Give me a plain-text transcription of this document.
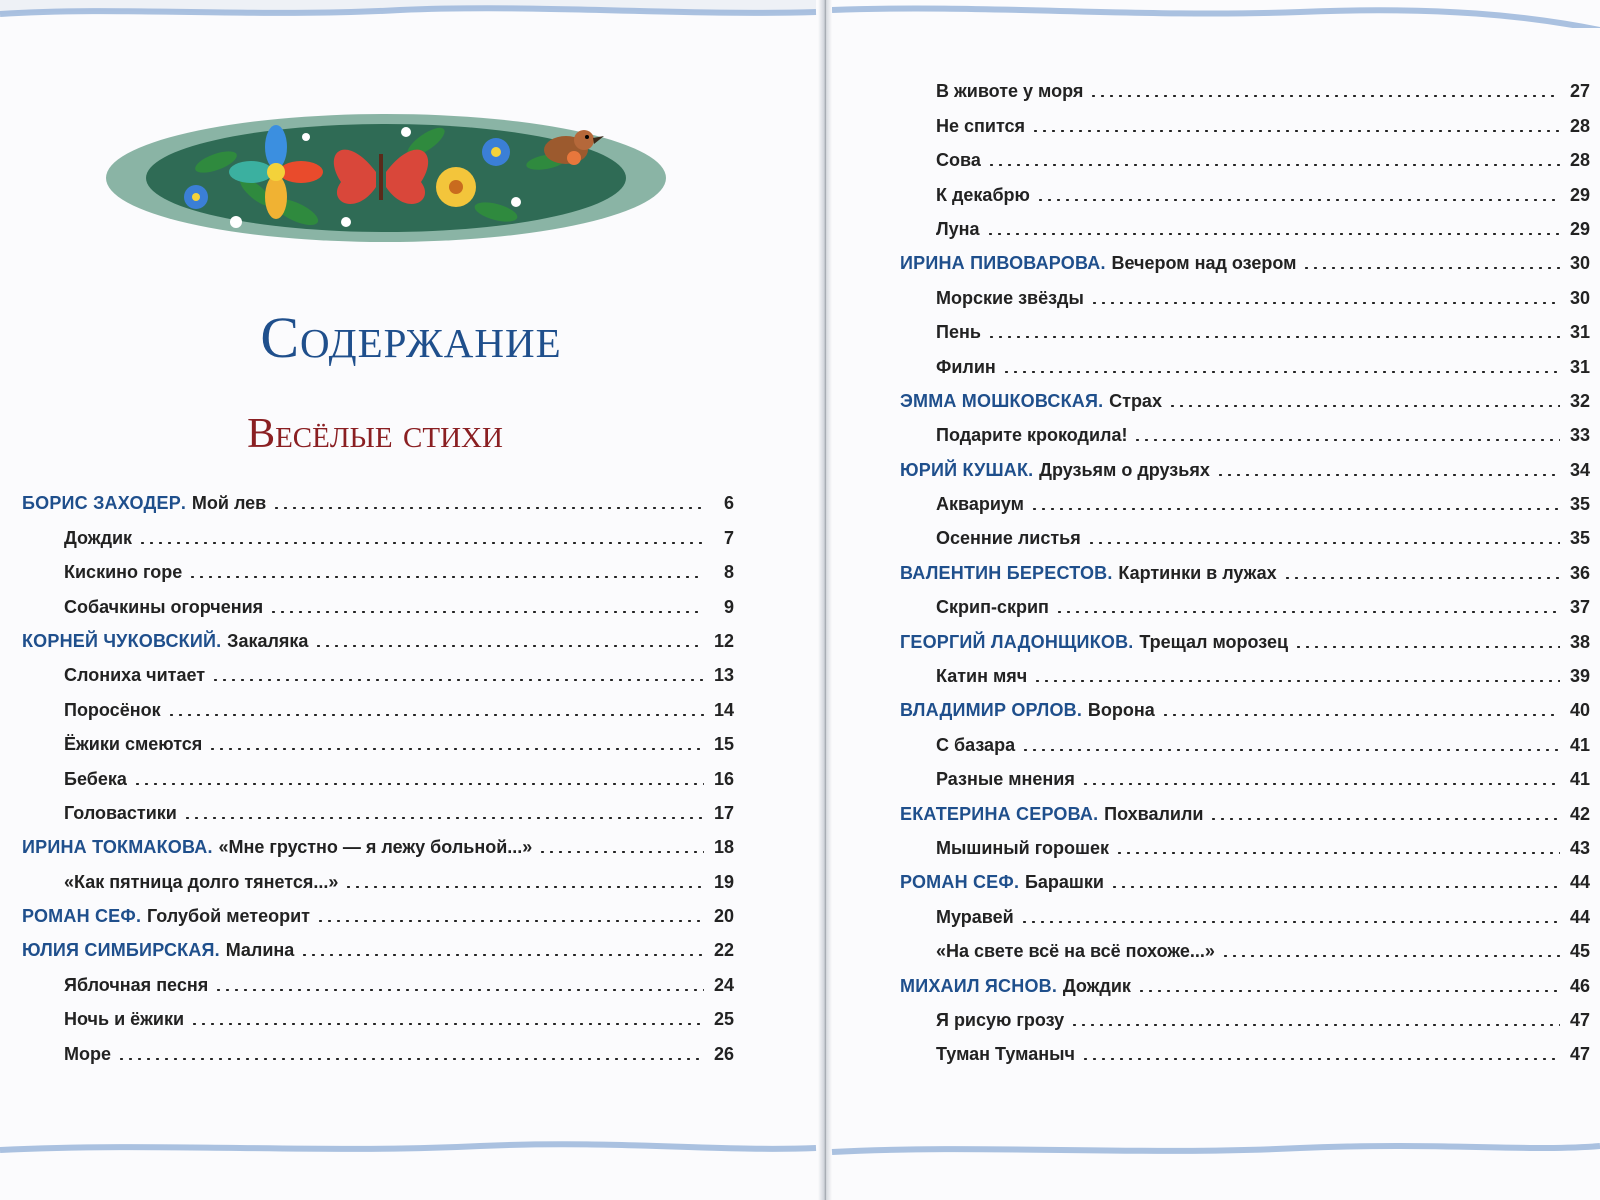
Содержание
Весёлые стихи
БОРИС ЗАХОДЕР . Мой лев	6
Дождик	7
Кискино горе	8
Собачкины огорчения	9
КОРНЕЙ ЧУКОВСКИЙ . Закаляка	12
Слониха читает	13
Поросёнок	14
Ёжики смеются	15
Бебека	16
Головастики	17
ИРИНА ТОКМАКОВА . «Мне грустно — я лежу больной...»	18
«Как пятница долго тянется...»	19
РОМАН СЕФ . Голубой метеорит	20
ЮЛИЯ СИМБИРСКАЯ . Малина	22
Яблочная песня	24
Ночь и ёжики	25
Море	26
В животе у моря	27
Не спится	28
Сова	28
К декабрю	29
Луна	29
ИРИНА ПИВОВАРОВА . Вечером над озером	30
Морские звёзды	30
Пень	31
Филин	31
ЭММА МОШКОВСКАЯ . Страх	32
Подарите крокодила!	33
ЮРИЙ КУШАК . Друзьям о друзьях	34
Аквариум	35
Осенние листья	35
ВАЛЕНТИН БЕРЕСТОВ . Картинки в лужах	36
Скрип-скрип	37
ГЕОРГИЙ ЛАДОНЩИКОВ . Трещал морозец	38
Катин мяч	39
ВЛАДИМИР ОРЛОВ . Ворона	40
С базара	41
Разные мнения	41
ЕКАТЕРИНА СЕРОВА . Похвалили	42
Мышиный горошек	43
РОМАН СЕФ . Барашки	44
Муравей	44
«На свете всё на всё похоже...»	45
МИХАИЛ ЯСНОВ . Дождик	46
Я рисую грозу	47
Туман Туманыч	47
